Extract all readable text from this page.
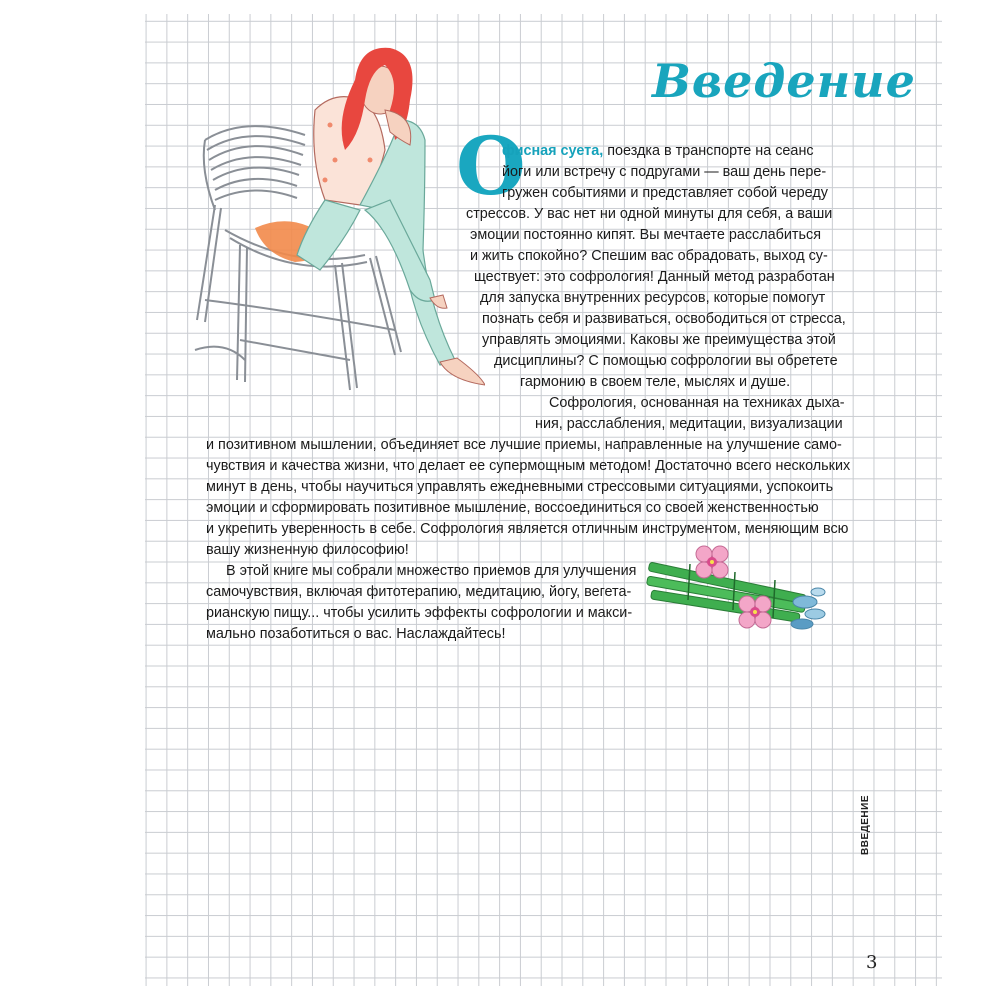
Введение
О
фисная суета, поездка в транспорте на сеанс
йоги или встречу с подругами — ваш день пере-
гружен событиями и представляет собой череду
стрессов. У вас нет ни одной минуты для себя, а ваши
эмоции постоянно кипят. Вы мечтаете расслабиться
и жить спокойно? Спешим вас обрадовать, выход су-
ществует: это софрология! Данный метод разработан
для запуска внутренних ресурсов, которые помогут
познать себя и развиваться, освободиться от стресса,
управлять эмоциями. Каковы же преимущества этой
дисциплины? С помощью софрологии вы обретете
гармонию в своем теле, мыслях и душе.
Софрология, основанная на техниках дыха-
ния, расслабления, медитации, визуализации
и позитивном мышлении, объединяет все лучшие приемы, направленные на улучшение само-
чувствия и качества жизни, что делает ее супермощным методом! Достаточно всего нескольких
минут в день, чтобы научиться управлять ежедневными стрессовыми ситуациями, успокоить
эмоции и сформировать позитивное мышление, воссоединиться со своей женственностью
и укрепить уверенность в себе. Софрология является отличным инструментом, меняющим всю
вашу жизненную философию!
В этой книге мы собрали множество приемов для улучшения
самочувствия, включая фитотерапию, медитацию, йогу, вегета-
рианскую пищу... чтобы усилить эффекты софрологии и макси-
мально позаботиться о вас. Наслаждайтесь!
ВВЕДЕНИЕ
3
